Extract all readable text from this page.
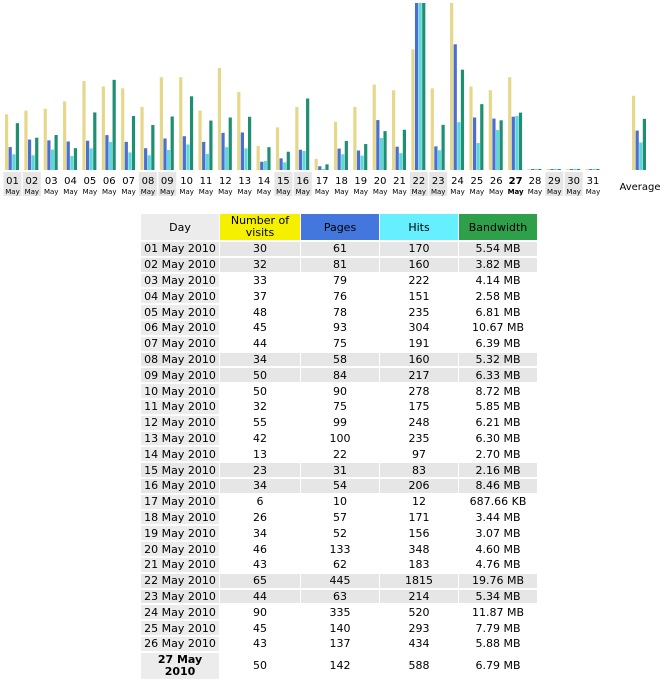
01
May
02
May
03
May
04
May
05
May
06
May
07
May
08
May
09
May
10
May
11
May
12
May
13
May
14
May
15
May
16
May
17
May
18
May
19
May
20
May
21
May
22
May
23
May
24
May
25
May
26
May
27
May
28
May
29
May
30
May
31
May Average
Day	Number of visits	Pages	Hits	Bandwidth
01 May 2010	30	61	170	5.54 MB
02 May 2010	32	81	160	3.82 MB
03 May 2010	33	79	222	4.14 MB
04 May 2010	37	76	151	2.58 MB
05 May 2010	48	78	235	6.81 MB
06 May 2010	45	93	304	10.67 MB
07 May 2010	44	75	191	6.39 MB
08 May 2010	34	58	160	5.32 MB
09 May 2010	50	84	217	6.33 MB
10 May 2010	50	90	278	8.72 MB
11 May 2010	32	75	175	5.85 MB
12 May 2010	55	99	248	6.21 MB
13 May 2010	42	100	235	6.30 MB
14 May 2010	13	22	97	2.70 MB
15 May 2010	23	31	83	2.16 MB
16 May 2010	34	54	206	8.46 MB
17 May 2010	6	10	12	687.66 KB
18 May 2010	26	57	171	3.44 MB
19 May 2010	34	52	156	3.07 MB
20 May 2010	46	133	348	4.60 MB
21 May 2010	43	62	183	4.76 MB
22 May 2010	65	445	1815	19.76 MB
23 May 2010	44	63	214	5.34 MB
24 May 2010	90	335	520	11.87 MB
25 May 2010	45	140	293	7.79 MB
26 May 2010	43	137	434	5.88 MB
27 May 2010	50	142	588	6.79 MB
